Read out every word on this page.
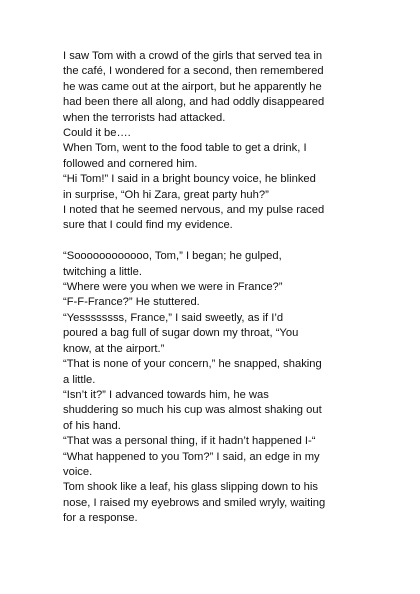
I saw Tom with a crowd of the girls that served tea in
the café, I wondered for a second, then remembered
he was came out at the airport, but he apparently he
had been there all along, and had oddly disappeared
when the terrorists had attacked.
Could it be….
When Tom, went to the food table to get a drink, I
followed and cornered him.
“Hi Tom!” I said in a bright bouncy voice, he blinked
in surprise, “Oh hi Zara, great party huh?”
I noted that he seemed nervous, and my pulse raced
sure that I could find my evidence.
“Soooooooooooo, Tom,” I began; he gulped,
twitching a little.
“Where were you when we were in France?”
“F-F-France?” He stuttered.
“Yessssssss, France,” I said sweetly, as if I’d
poured a bag full of sugar down my throat, “You
know, at the airport.”
“That is none of your concern,” he snapped, shaking
a little.
“Isn’t it?” I advanced towards him, he was
shuddering so much his cup was almost shaking out
of his hand.
“That was a personal thing, if it hadn’t happened I-“
“What happened to you Tom?” I said, an edge in my
voice.
Tom shook like a leaf, his glass slipping down to his
nose, I raised my eyebrows and smiled wryly, waiting
for a response.
